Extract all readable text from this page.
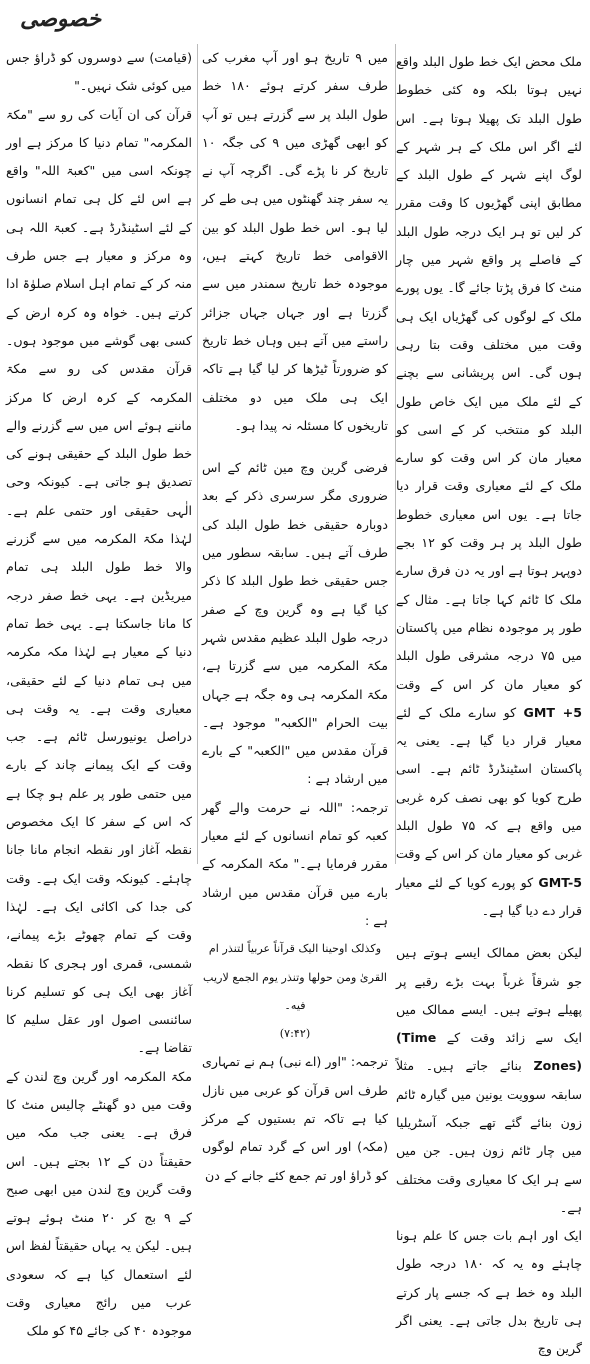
خصوصی

ملک محض ایک خط طول البلد واقع نہیں ہوتا بلکہ وہ کئی خطوط طول البلد تک پھیلا ہوتا ہے۔ اس لئے اگر اس ملک کے ہر شہر کے لوگ اپنے شہر کے طول البلد کے مطابق اپنی گھڑیوں کا وقت مقرر کر لیں تو ہر ایک درجہ طول البلد کے فاصلے پر واقع شہر میں چار منٹ کا فرق پڑتا جائے گا۔ یوں پورے ملک کے لوگوں کی گھڑیاں ایک ہی وقت میں مختلف وقت بتا رہی ہوں گی۔ اس پریشانی سے بچنے کے لئے ملک میں ایک خاص طول البلد کو منتخب کر کے اسی کو معیار مان کر اس وقت کو سارے ملک کے لئے معیاری وقت قرار دیا جاتا ہے۔ یوں اس معیاری خطوط طول البلد پر ہر وقت کو ۱۲ بجے دوپہر ہوتا ہے اور یہ دن فرق سارے ملک کا ٹائم کہا جاتا ہے۔ مثال کے طور پر موجودہ نظام میں پاکستان میں ۷۵ درجہ مشرقی طول البلد کو معیار مان کر اس کے وقت GMT +5 کو سارے ملک کے لئے معیار قرار دیا گیا ہے۔ یعنی یہ پاکستان اسٹینڈرڈ ٹائم ہے۔ اسی طرح کویا کو بھی نصف کرہ غربی میں واقع ہے کہ ۷۵ طول البلد غربی کو معیار مان کر اس کے وقت GMT-5 کو پورے کویا کے لئے معیار قرار دے دیا گیا ہے۔

لیکن بعض ممالک ایسے ہوتے ہیں جو شرقاً غرباً بہت بڑے رقبے پر پھیلے ہوتے ہیں۔ ایسے ممالک میں ایک سے زائد وقت کے (Time Zones) بنائے جاتے ہیں۔ مثلاً سابقہ سوویت یونین میں گیارہ ٹائم زون بنائے گئے تھے جبکہ آسٹریلیا میں چار ٹائم زون ہیں۔ جن میں سے ہر ایک کا معیاری وقت مختلف ہے۔

ایک اور اہم بات جس کا علم ہونا چاہئے وہ یہ کہ ۱۸۰ درجہ طول البلد وہ خط ہے کہ جسے پار کرتے ہی تاریخ بدل جاتی ہے۔ یعنی اگر گرین وچ

میں ۹ تاریخ ہو اور آپ مغرب کی طرف سفر کرتے ہوئے ۱۸۰ خط طول البلد پر سے گزرتے ہیں تو آپ کو ابھی گھڑی میں ۹ کی جگہ ۱۰ تاریخ کر نا پڑے گی۔ اگرچہ آپ نے یہ سفر چند گھنٹوں میں ہی طے کر لیا ہو۔ اس خط طول البلد کو بین الاقوامی خط تاریخ کہتے ہیں، موجودہ خط تاریخ سمندر میں سے گزرتا ہے اور جہاں جہاں جزائر راستے میں آتے ہیں وہاں خط تاریخ کو ضرورتاً ٹیڑھا کر لیا گیا ہے تاکہ ایک ہی ملک میں دو مختلف تاریخوں کا مسئلہ نہ پیدا ہو۔

فرضی گرین وچ مین ٹائم کے اس ضروری مگر سرسری ذکر کے بعد دوبارہ حقیقی خط طول البلد کی طرف آتے ہیں۔ سابقہ سطور میں جس حقیقی خط طول البلد کا ذکر کیا گیا ہے وہ گرین وچ کے صفر درجہ طول البلد عظیم مقدس شہر مکۃ المکرمہ میں سے گزرتا ہے، مکۃ المکرمہ ہی وہ جگہ ہے جہاں بیت الحرام "الکعبہ" موجود ہے۔ قرآن مقدس میں "الکعبہ" کے بارے میں ارشاد ہے :

ترجمہ: "اللہ نے حرمت والے گھر کعبہ کو تمام انسانوں کے لئے معیار مقرر فرمایا ہے۔" مکۃ المکرمہ کے بارے میں قرآن مقدس میں ارشاد ہے :

وکذلک اوحینا الیک قرآناً عربیاً لتنذر ام القریٰ ومن حولها وتنذر یوم الجمع لاریب فیه۔

(۷:۴۲)

ترجمہ: "اور (اے نبی) ہم نے تمہاری طرف اس قرآن کو عربی میں نازل کیا ہے تاکہ تم بستیوں کے مرکز (مکہ) اور اس کے گرد تمام لوگوں کو ڈراؤ اور تم جمع کئے جانے کے دن

(قیامت) سے دوسروں کو ڈراؤ جس میں کوئی شک نہیں۔"

قرآن کی ان آیات کی رو سے "مکۃ المکرمہ" تمام دنیا کا مرکز ہے اور چونکہ اسی میں "کعبۃ اللہ" واقع ہے اس لئے کل ہی تمام انسانوں کے لئے اسٹینڈرڈ ہے۔ کعبۃ اللہ ہی وہ مرکز و معیار ہے جس طرف منہ کر کے تمام اہل اسلام صلوٰۃ ادا کرتے ہیں۔ خواہ وہ کرہ ارض کے کسی بھی گوشے میں موجود ہوں۔ قرآن مقدس کی رو سے مکۃ المکرمہ کے کرہ ارض کا مرکز ماننے ہوئے اس میں سے گزرنے والے خط طول البلد کے حقیقی ہونے کی تصدیق ہو جاتی ہے۔ کیونکہ وحی الٰہی حقیقی اور حتمی علم ہے۔ لہٰذا مکۃ المکرمہ میں سے گزرنے والا خط طول البلد ہی تمام میریڈین ہے۔ یہی خط صفر درجہ کا مانا جاسکتا ہے۔ یہی خط تمام دنیا کے معیار ہے لہٰذا مکہ مکرمہ میں ہی تمام دنیا کے لئے حقیقی، معیاری وقت ہے۔ یہ وقت ہی دراصل یونیورسل ٹائم ہے۔ جب وقت کے ایک پیمانے چاند کے بارے میں حتمی طور پر علم ہو چکا ہے کہ اس کے سفر کا ایک مخصوص نقطہ آغاز اور نقطہ انجام مانا جانا چاہئے۔ کیونکہ وقت ایک ہے۔ وقت کی جدا کی اکائی ایک ہے۔ لہٰذا وقت کے تمام چھوٹے بڑے پیمانے، شمسی، قمری اور ہجری کا نقطہ آغاز بھی ایک ہی کو تسلیم کرنا سائنسی اصول اور عقل سلیم کا تقاضا ہے۔

مکۃ المکرمہ اور گرین وچ لندن کے وقت میں دو گھنٹے چالیس منٹ کا فرق ہے۔ یعنی جب مکہ میں حقیقتاً دن کے ۱۲ بجتے ہیں۔ اس وقت گرین وچ لندن میں ابھی صبح کے ۹ بج کر ۲۰ منٹ ہوئے ہوتے ہیں۔ لیکن یہ یہاں حقیقتاً لفظ اس لئے استعمال کیا ہے کہ سعودی عرب میں رائج معیاری وقت موجودہ ۴۰ کی جائے ۴۵ کو ملک
